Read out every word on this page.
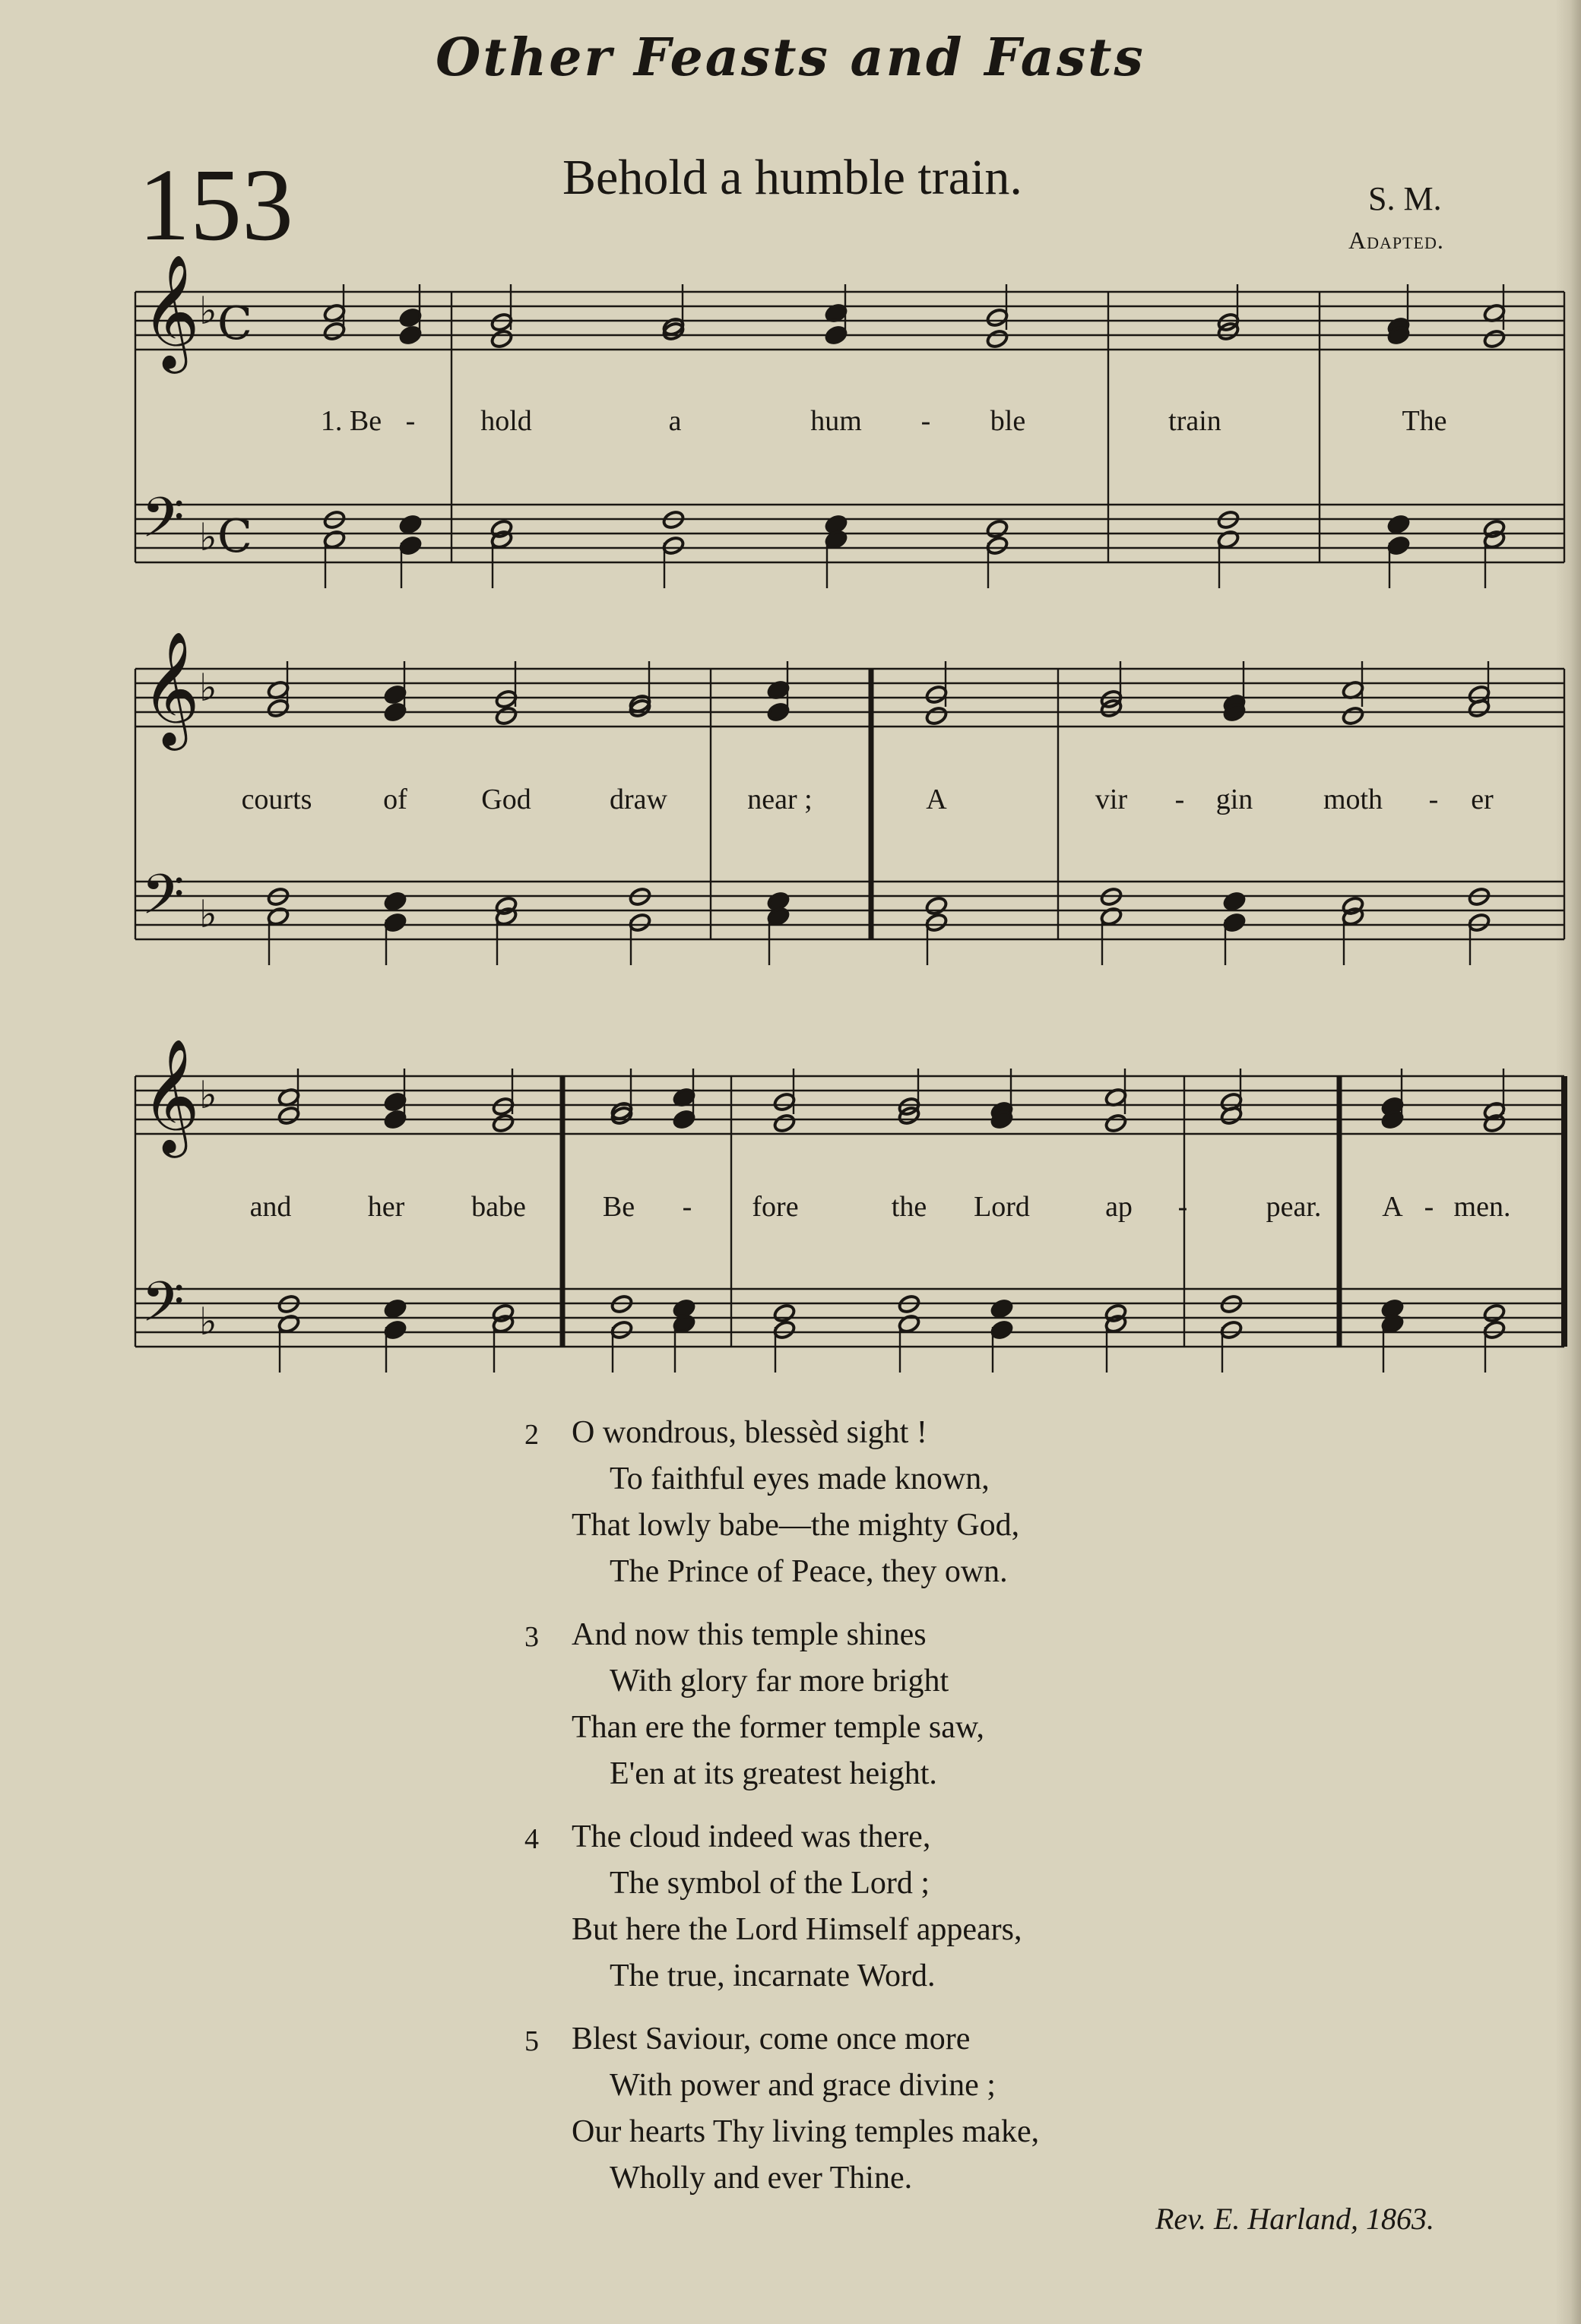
Other Feasts and Fasts
153	Behold a humble train.	S. M.
Adapted.
𝄞 ♭ C
𝄢 ♭ C
𝄞 ♭
𝄢 ♭
𝄞 ♭
𝄢 ♭
1. Be - hold	a	hum - ble	train	The
courts of	God	draw	near ;	A	vir - gin moth - er
and	her babe	Be - fore	the Lord	ap -	pear. A - men.
2	O wondrous, blessèd sight !
To faithful eyes made known,
That lowly babe—the mighty God,
The Prince of Peace, they own.
3	And now this temple shines
With glory far more bright
Than ere the former temple saw,
E'en at its greatest height.
4	The cloud indeed was there,
The symbol of the Lord ;
But here the Lord Himself appears,
The true, incarnate Word.
5	Blest Saviour, come once more
With power and grace divine ;
Our hearts Thy living temples make,
Wholly and ever Thine.
Rev. E. Harland, 1863.
